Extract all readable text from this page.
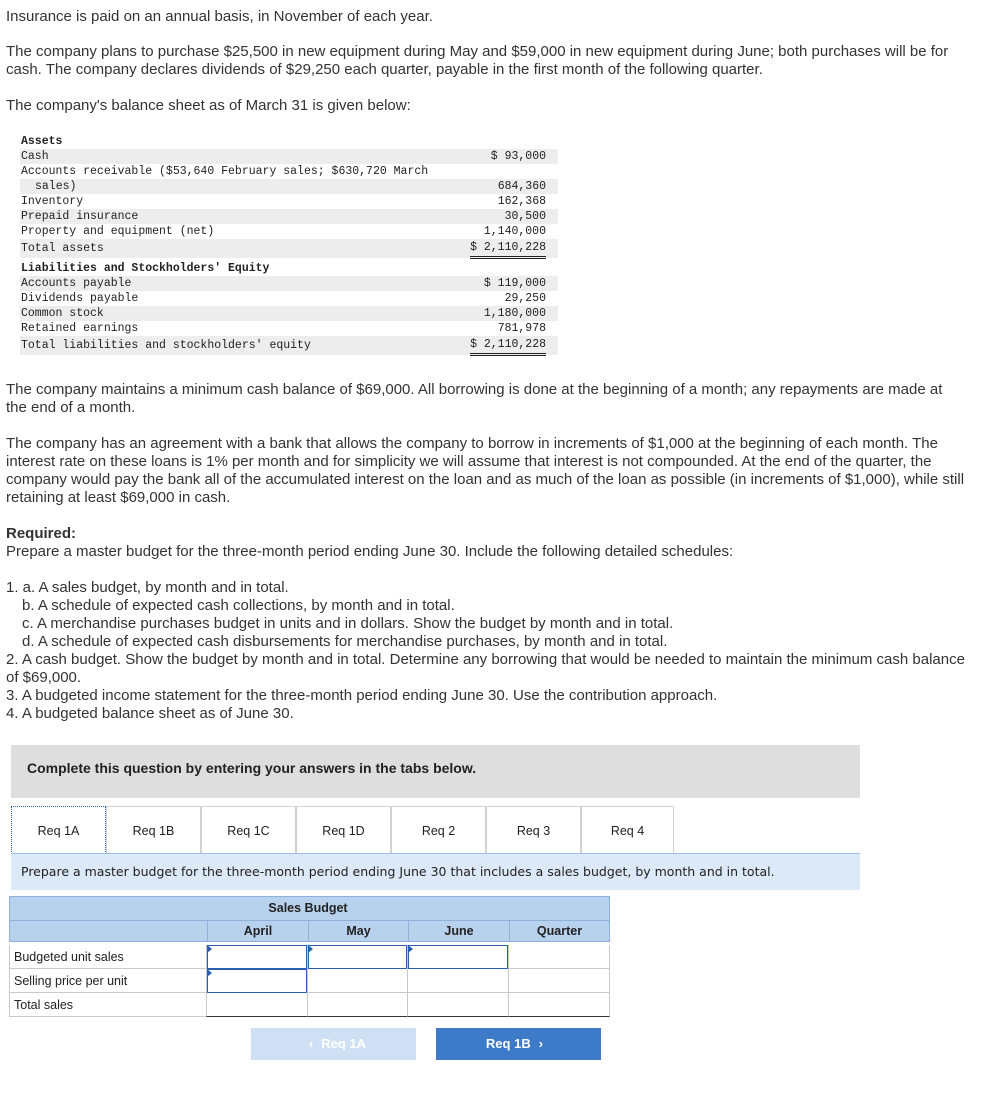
Insurance is paid on an annual basis, in November of each year.

The company plans to purchase $25,500 in new equipment during May and $59,000 in new equipment during June; both purchases will be for cash. The company declares dividends of $29,250 each quarter, payable in the first month of the following quarter.

The company's balance sheet as of March 31 is given below:

Assets
Cash	$ 93,000
Accounts receivable ($53,640 February sales; $630,720 March
sales)	684,360
Inventory	162,368
Prepaid insurance	30,500
Property and equipment (net)	1,140,000
Total assets	$ 2,110,228
Liabilities and Stockholders' Equity
Accounts payable	$ 119,000
Dividends payable	29,250
Common stock	1,180,000
Retained earnings	781,978
Total liabilities and stockholders' equity	$ 2,110,228

The company maintains a minimum cash balance of $69,000. All borrowing is done at the beginning of a month; any repayments are made at the end of a month.

The company has an agreement with a bank that allows the company to borrow in increments of $1,000 at the beginning of each month. The interest rate on these loans is 1% per month and for simplicity we will assume that interest is not compounded. At the end of the quarter, the company would pay the bank all of the accumulated interest on the loan and as much of the loan as possible (in increments of $1,000), while still retaining at least $69,000 in cash.

Required:
Prepare a master budget for the three-month period ending June 30. Include the following detailed schedules:
1. a. A sales budget, by month and in total.
b. A schedule of expected cash collections, by month and in total.
c. A merchandise purchases budget in units and in dollars. Show the budget by month and in total.
d. A schedule of expected cash disbursements for merchandise purchases, by month and in total.
2. A cash budget. Show the budget by month and in total. Determine any borrowing that would be needed to maintain the minimum cash balance of $69,000.
3. A budgeted income statement for the three-month period ending June 30. Use the contribution approach.
4. A budgeted balance sheet as of June 30.
Complete this question by entering your answers in the tabs below.
Req 1A	Req 1B	Req 1C	Req 1D	Req 2	Req 3	Req 4
Prepare a master budget for the three-month period ending June 30 that includes a sales budget, by month and in total.
Sales Budget
April	May	June	Quarter
Budgeted unit sales
Selling price per unit
Total sales
‹ Req 1A	Req 1B ›
